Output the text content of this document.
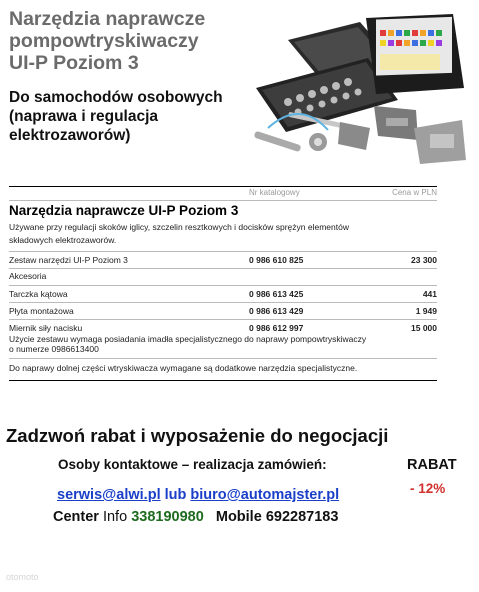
Narzędzia naprawcze
pompowtryskiwaczy
UI-P Poziom 3
Do samochodów osobowych
(naprawa i regulacja
elektrozaworów)
Nr katalogowy	Cena w PLN
Narzędzia naprawcze UI-P Poziom 3
Używane przy regulacji skoków iglicy, szczelin resztkowych i docisków sprężyn elementów
składowych elektrozaworów.
Zestaw narzędzi UI-P Poziom 3	0 986 610 825	23 300
Akcesoria
Tarczka kątowa	0 986 613 425	441
Płyta montażowa	0 986 613 429	1 949
Miernik siły nacisku	0 986 612 997	15 000
Użycie zestawu wymaga posiadania imadła specjalistycznego do naprawy pompowtryskiwaczy
o numerze 0986613400
Do naprawy dolnej części wtryskiwacza wymagane są dodatkowe narzędzia specjalistyczne.
Zadzwoń rabat i wyposażenie do negocjacji
Osoby kontaktowe – realizacja zamówień:	RABAT
- 12%
serwis@alwi.pl lub biuro@automajster.pl
Center Info 338190980 Mobile 692287183
otomoto
